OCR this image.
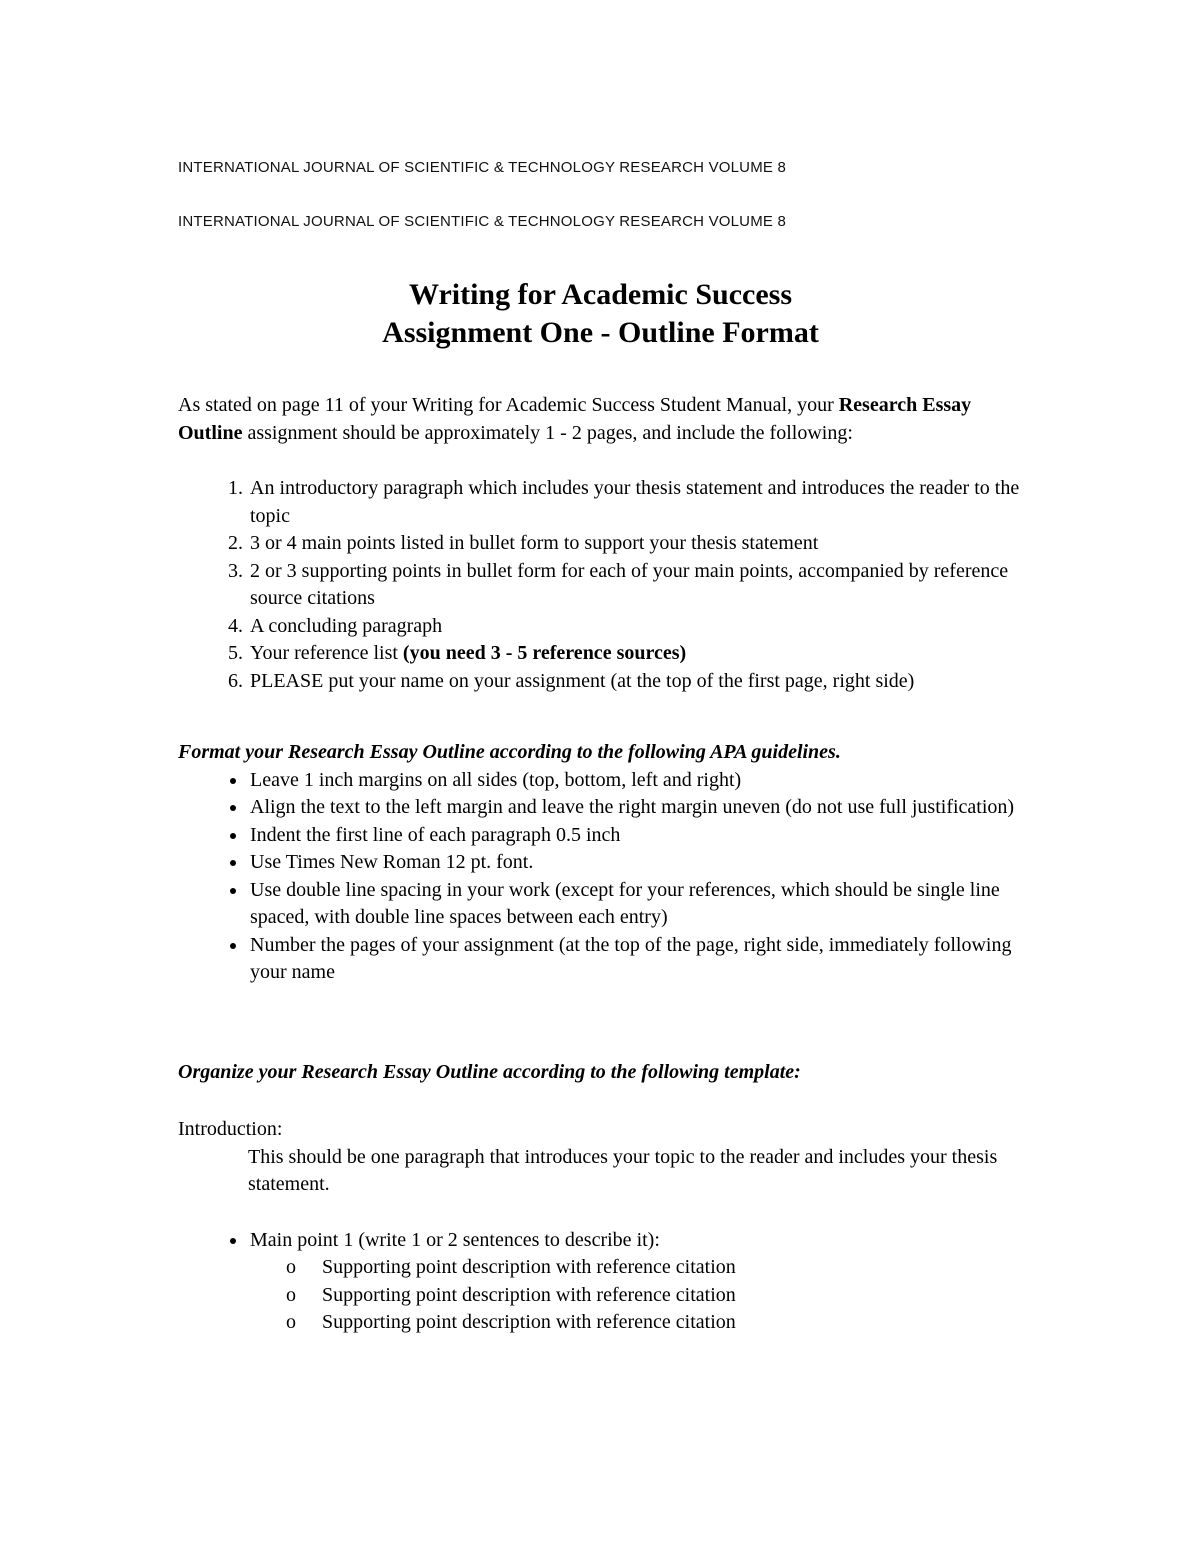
INTERNATIONAL JOURNAL OF SCIENTIFIC & TECHNOLOGY RESEARCH VOLUME 8

INTERNATIONAL JOURNAL OF SCIENTIFIC & TECHNOLOGY RESEARCH VOLUME 8

Writing for Academic Success
Assignment One - Outline Format

As stated on page 11 of your Writing for Academic Success Student Manual, your Research Essay Outline assignment should be approximately 1 - 2 pages, and include the following:

1. An introductory paragraph which includes your thesis statement and introduces the reader to the topic
2. 3 or 4 main points listed in bullet form to support your thesis statement
3. 2 or 3 supporting points in bullet form for each of your main points, accompanied by reference source citations
4. A concluding paragraph
5. Your reference list (you need 3 - 5 reference sources)
6. PLEASE put your name on your assignment (at the top of the first page, right side)

Format your Research Essay Outline according to the following APA guidelines.

• Leave 1 inch margins on all sides (top, bottom, left and right)
• Align the text to the left margin and leave the right margin uneven (do not use full justification)
• Indent the first line of each paragraph 0.5 inch
• Use Times New Roman 12 pt. font.
• Use double line spacing in your work (except for your references, which should be single line spaced, with double line spaces between each entry)
• Number the pages of your assignment (at the top of the page, right side, immediately following your name

Organize your Research Essay Outline according to the following template:

Introduction:

This should be one paragraph that introduces your topic to the reader and includes your thesis statement.

• Main point 1 (write 1 or 2 sentences to describe it):
o Supporting point description with reference citation
o Supporting point description with reference citation
o Supporting point description with reference citation
